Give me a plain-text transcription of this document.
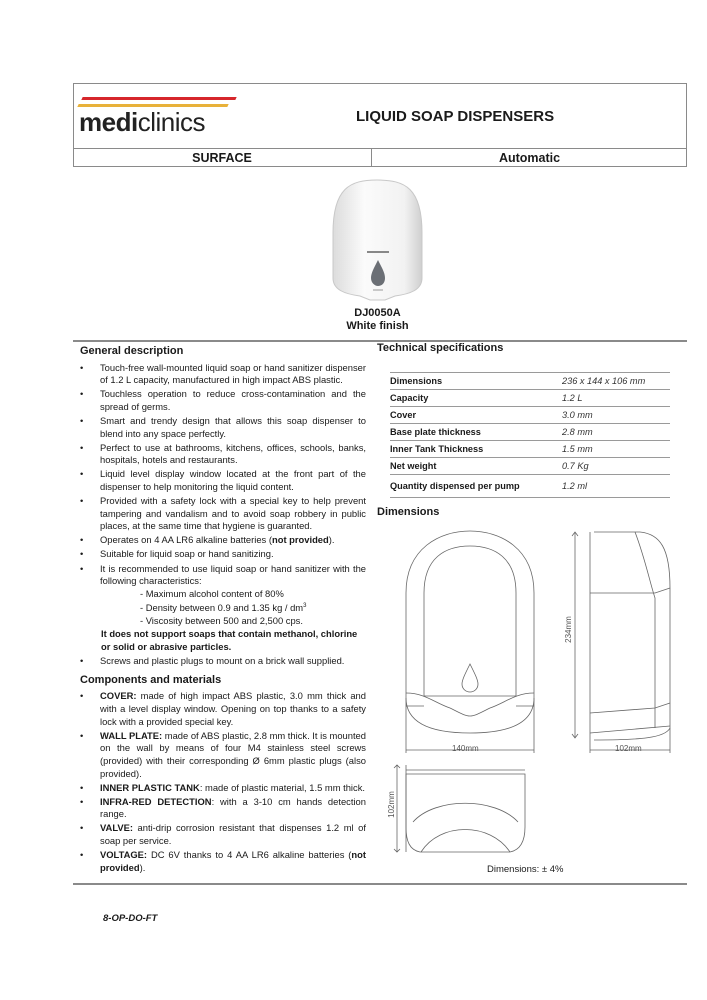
mediclinics	LIQUID SOAP DISPENSERS
SURFACE	Automatic
DJ0050A
White finish
General description
• Touch-free wall-mounted liquid soap or hand sanitizer dispenser of 1.2 L capacity, manufactured in high impact ABS plastic.
• Touchless operation to reduce cross-contamination and the spread of germs.
• Smart and trendy design that allows this soap dispenser to blend into any space perfectly.
• Perfect to use at bathrooms, kitchens, offices, schools, banks, hospitals, hotels and restaurants.
• Liquid level display window located at the front part of the dispenser to help monitoring the liquid content.
• Provided with a safety lock with a special key to help prevent tampering and vandalism and to avoid soap robbery in public places, at the same time that hygiene is guaranted.
• Operates on 4 AA LR6 alkaline batteries (not provided).
• Suitable for liquid soap or hand sanitizing.
• It is recommended to use liquid soap or hand sanitizer with the following characteristics:
- Maximum alcohol content of 80%
- Density between 0.9 and 1.35 kg / $dm^3$
- Viscosity between 500 and 2,500 cps.
It does not support soaps that contain methanol, chlorine or solid or abrasive particles.
• Screws and plastic plugs to mount on a brick wall supplied.
Components and materials
• COVER: made of high impact ABS plastic, 3.0 mm thick and with a level display window. Opening on top thanks to a safety lock with a provided special key.
• WALL PLATE: made of ABS plastic, 2.8 mm thick. It is mounted on the wall by means of four M4 stainless steel screws (provided) with their corresponding Ø 6mm plastic plugs (also provided).
• INNER PLASTIC TANK: made of plastic material, 1.5 mm thick.
• INFRA-RED DETECTION: with a 3-10 cm hands detection range.
• VALVE: anti-drip corrosion resistant that dispenses 1.2 ml of soap per service.
• VOLTAGE: DC 6V thanks to 4 AA LR6 alkaline batteries (not provided).
Technical specifications
Dimensions	236 x 144 x 106 mm
Capacity	1.2 L
Cover	3.0 mm
Base plate thickness	2.8 mm
Inner Tank Thickness	1.5 mm
Net weight	0.7 Kg
Quantity dispensed per pump	1.2 ml
Dimensions
140mm
234mm
102mm
102mm
Dimensions: ± 4%
8-OP-DO-FT
